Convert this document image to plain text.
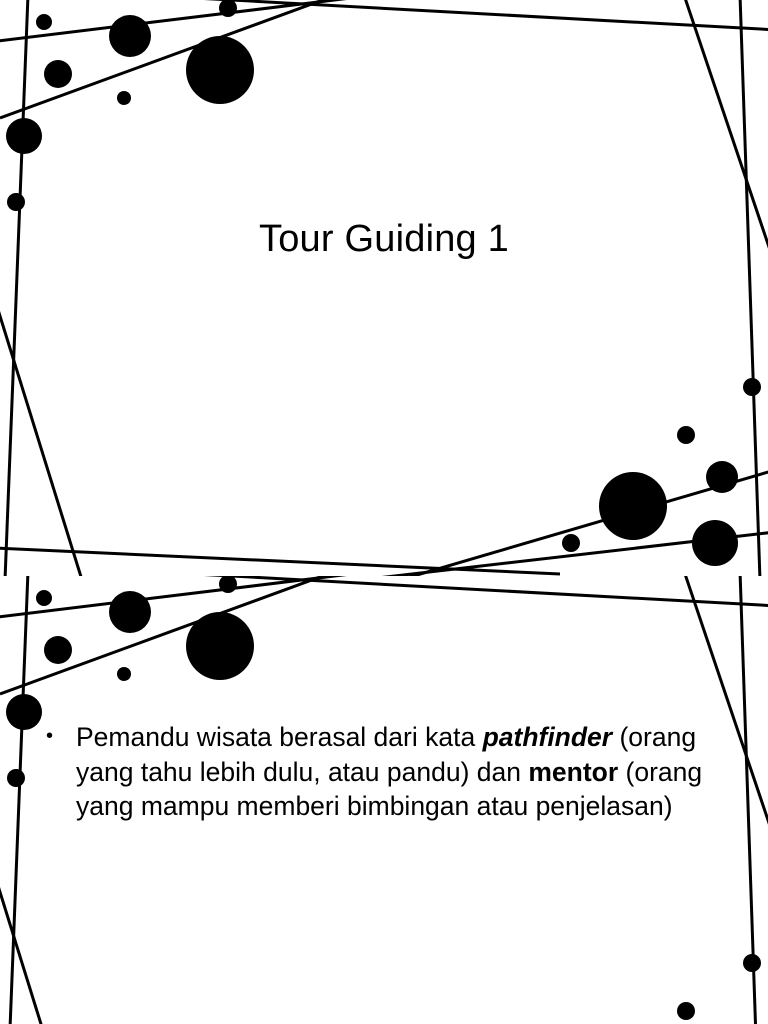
Tour Guiding 1
• Pemandu wisata berasal dari kata pathfinder (orang yang tahu lebih dulu, atau pandu) dan mentor (orang yang mampu memberi bimbingan atau penjelasan)
